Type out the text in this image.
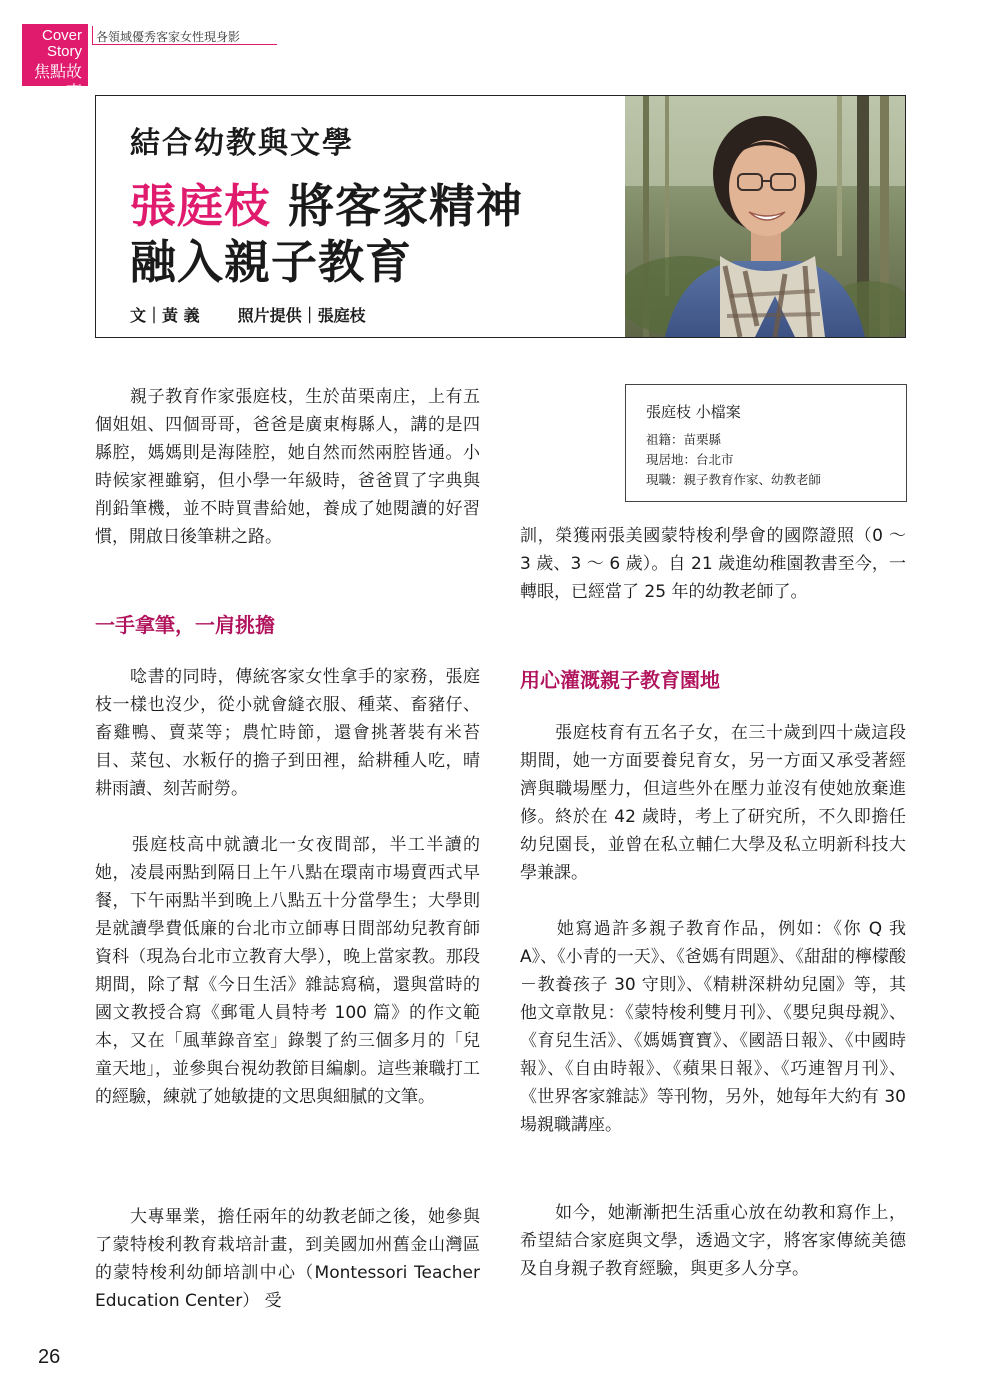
Cover
Story
焦點故事
各領域優秀客家女性現身影
結合幼教與文學
張庭枝 將客家精神
融入親子教育
文｜黃 義 照片提供｜張庭枝
張庭枝 小檔案
祖籍：苗栗縣
現居地：台北市
現職：親子教育作家、幼教老師

　　親子教育作家張庭枝，生於苗栗南庄，上有五個姐姐、四個哥哥，爸爸是廣東梅縣人，講的是四縣腔，媽媽則是海陸腔，她自然而然兩腔皆通。小時候家裡雖窮，但小學一年級時，爸爸買了字典與削鉛筆機，並不時買書給她，養成了她閱讀的好習慣，開啟日後筆耕之路。

一手拿筆，一肩挑擔

　　唸書的同時，傳統客家女性拿手的家務，張庭枝一樣也沒少，從小就會縫衣服、種菜、畜豬仔、畜雞鴨、賣菜等；農忙時節，還會挑著裝有米苔目、菜包、水粄仔的擔子到田裡，給耕種人吃，晴耕雨讀、刻苦耐勞。

　　張庭枝高中就讀北一女夜間部，半工半讀的她，凌晨兩點到隔日上午八點在環南市場賣西式早餐，下午兩點半到晚上八點五十分當學生；大學則是就讀學費低廉的台北市立師專日間部幼兒教育師資科（現為台北市立教育大學），晚上當家教。那段期間，除了幫《今日生活》雜誌寫稿，還與當時的國文教授合寫《郵電人員特考 100 篇》的作文範本，又在「風華錄音室」錄製了約三個多月的「兒童天地」，並參與台視幼教節目編劇。這些兼職打工的經驗，練就了她敏捷的文思與細膩的文筆。

　　大專畢業，擔任兩年的幼教老師之後，她參與了蒙特梭利教育栽培計畫，到美國加州舊金山灣區的蒙特梭利幼師培訓中心（Montessori Teacher Education Center） 受

訓，榮獲兩張美國蒙特梭利學會的國際證照（0 ～ 3 歲、3 ～ 6 歲）。自 21 歲進幼稚園教書至今，一轉眼，已經當了 25 年的幼教老師了。

用心灌溉親子教育園地

　　張庭枝育有五名子女，在三十歲到四十歲這段期間，她一方面要養兒育女，另一方面又承受著經濟與職場壓力，但這些外在壓力並沒有使她放棄進修。終於在 42 歲時，考上了研究所，不久即擔任幼兒園長，並曾在私立輔仁大學及私立明新科技大學兼課。

　　她寫過許多親子教育作品，例如：《你 Q 我 A》、《小青的一天》、《爸媽有問題》、《甜甜的檸檬酸－教養孩子 30 守則》、《精耕深耕幼兒園》等，其他文章散見：《蒙特梭利雙月刊》、《嬰兒與母親》、《育兒生活》、《媽媽寶寶》、《國語日報》、《中國時報》、《自由時報》、《蘋果日報》、《巧連智月刊》、《世界客家雜誌》等刊物，另外，她每年大約有 30 場親職講座。

　　如今，她漸漸把生活重心放在幼教和寫作上，希望結合家庭與文學，透過文字，將客家傳統美德及自身親子教育經驗，與更多人分享。

26
